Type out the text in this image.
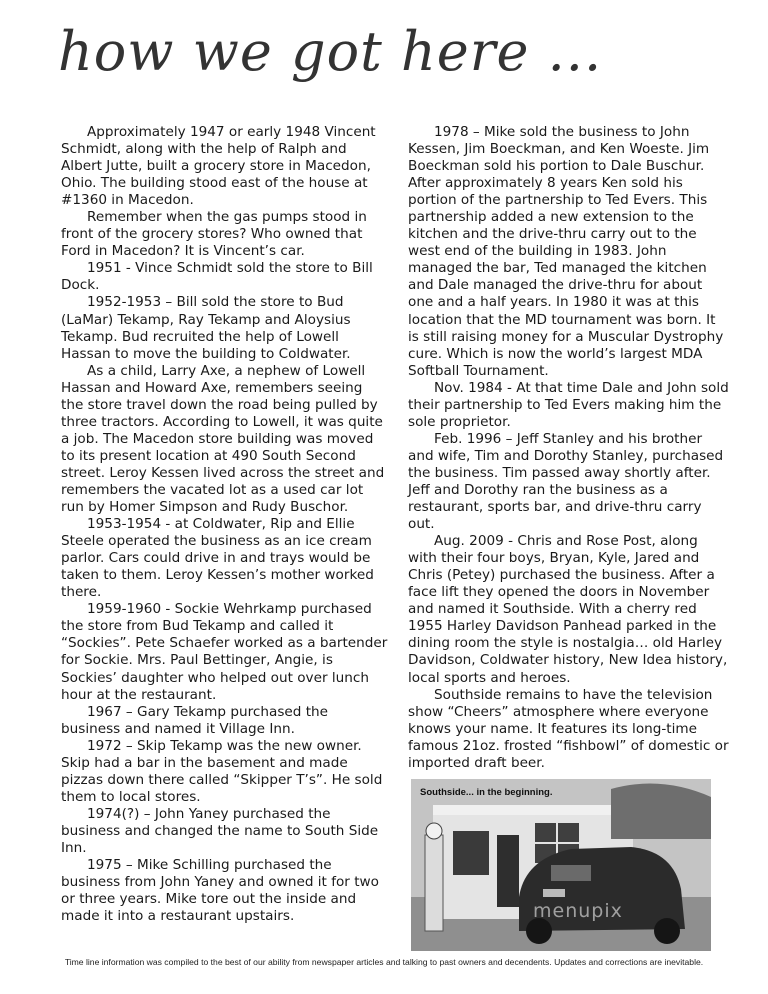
how we got here ...

Approximately 1947 or early 1948 Vincent Schmidt, along with the help of Ralph and Albert Jutte, built a grocery store in Macedon, Ohio. The building stood east of the house at #1360 in Macedon.

Remember when the gas pumps stood in front of the grocery stores? Who owned that Ford in Macedon? It is Vincent’s car.

1951 - Vince Schmidt sold the store to Bill Dock.

1952-1953 – Bill sold the store to Bud (LaMar) Tekamp, Ray Tekamp and Aloysius Tekamp. Bud recruited the help of Lowell Hassan to move the building to Coldwater.

As a child, Larry Axe, a nephew of Lowell Hassan and Howard Axe, remembers seeing the store travel down the road being pulled by three tractors. According to Lowell, it was quite a job. The Macedon store building was moved to its present location at 490 South Second street. Leroy Kessen lived across the street and remembers the vacated lot as a used car lot run by Homer Simpson and Rudy Buschor.

1953-1954 - at Coldwater, Rip and Ellie Steele operated the business as an ice cream parlor. Cars could drive in and trays would be taken to them. Leroy Kessen’s mother worked there.

1959-1960 - Sockie Wehrkamp purchased the store from Bud Tekamp and called it “Sockies”. Pete Schaefer worked as a bartender for Sockie. Mrs. Paul Bettinger, Angie, is Sockies’ daughter who helped out over lunch hour at the restaurant.

1967 – Gary Tekamp purchased the business and named it Village Inn.

1972 – Skip Tekamp was the new owner. Skip had a bar in the basement and made pizzas down there called “Skipper T’s”. He sold them to local stores.

1974(?) – John Yaney purchased the business and changed the name to South Side Inn.

1975 – Mike Schilling purchased the business from John Yaney and owned it for two or three years. Mike tore out the inside and made it into a restaurant upstairs.

1978 – Mike sold the business to John Kessen, Jim Boeckman, and Ken Woeste. Jim Boeckman sold his portion to Dale Buschur. After approximately 8 years Ken sold his portion of the partnership to Ted Evers. This partnership added a new extension to the kitchen and the drive-thru carry out to the west end of the building in 1983. John managed the bar, Ted managed the kitchen and Dale managed the drive-thru for about one and a half years. In 1980 it was at this location that the MD tournament was born. It is still raising money for a Muscular Dystrophy cure. Which is now the world’s largest MDA Softball Tournament.

Nov. 1984 - At that time Dale and John sold their partnership to Ted Evers making him the sole proprietor.

Feb. 1996 – Jeff Stanley and his brother and wife, Tim and Dorothy Stanley, purchased the business. Tim passed away shortly after. Jeff and Dorothy ran the business as a restaurant, sports bar, and drive-thru carry out.

Aug. 2009 - Chris and Rose Post, along with their four boys, Bryan, Kyle, Jared and Chris (Petey) purchased the business. After a face lift they opened the doors in November and named it Southside. With a cherry red 1955 Harley Davidson Panhead parked in the dining room the style is nostalgia… old Harley Davidson, Coldwater history, New Idea history, local sports and heroes.

Southside remains to have the television show “Cheers” atmosphere where everyone knows your name. It features its long-time famous 21oz. frosted “fishbowl” of domestic or imported draft beer.

Southside... in the beginning.
menupix
Time line information was compiled to the best of our ability from newspaper articles and talking to past owners and decendents. Updates and corrections are inevitable.
